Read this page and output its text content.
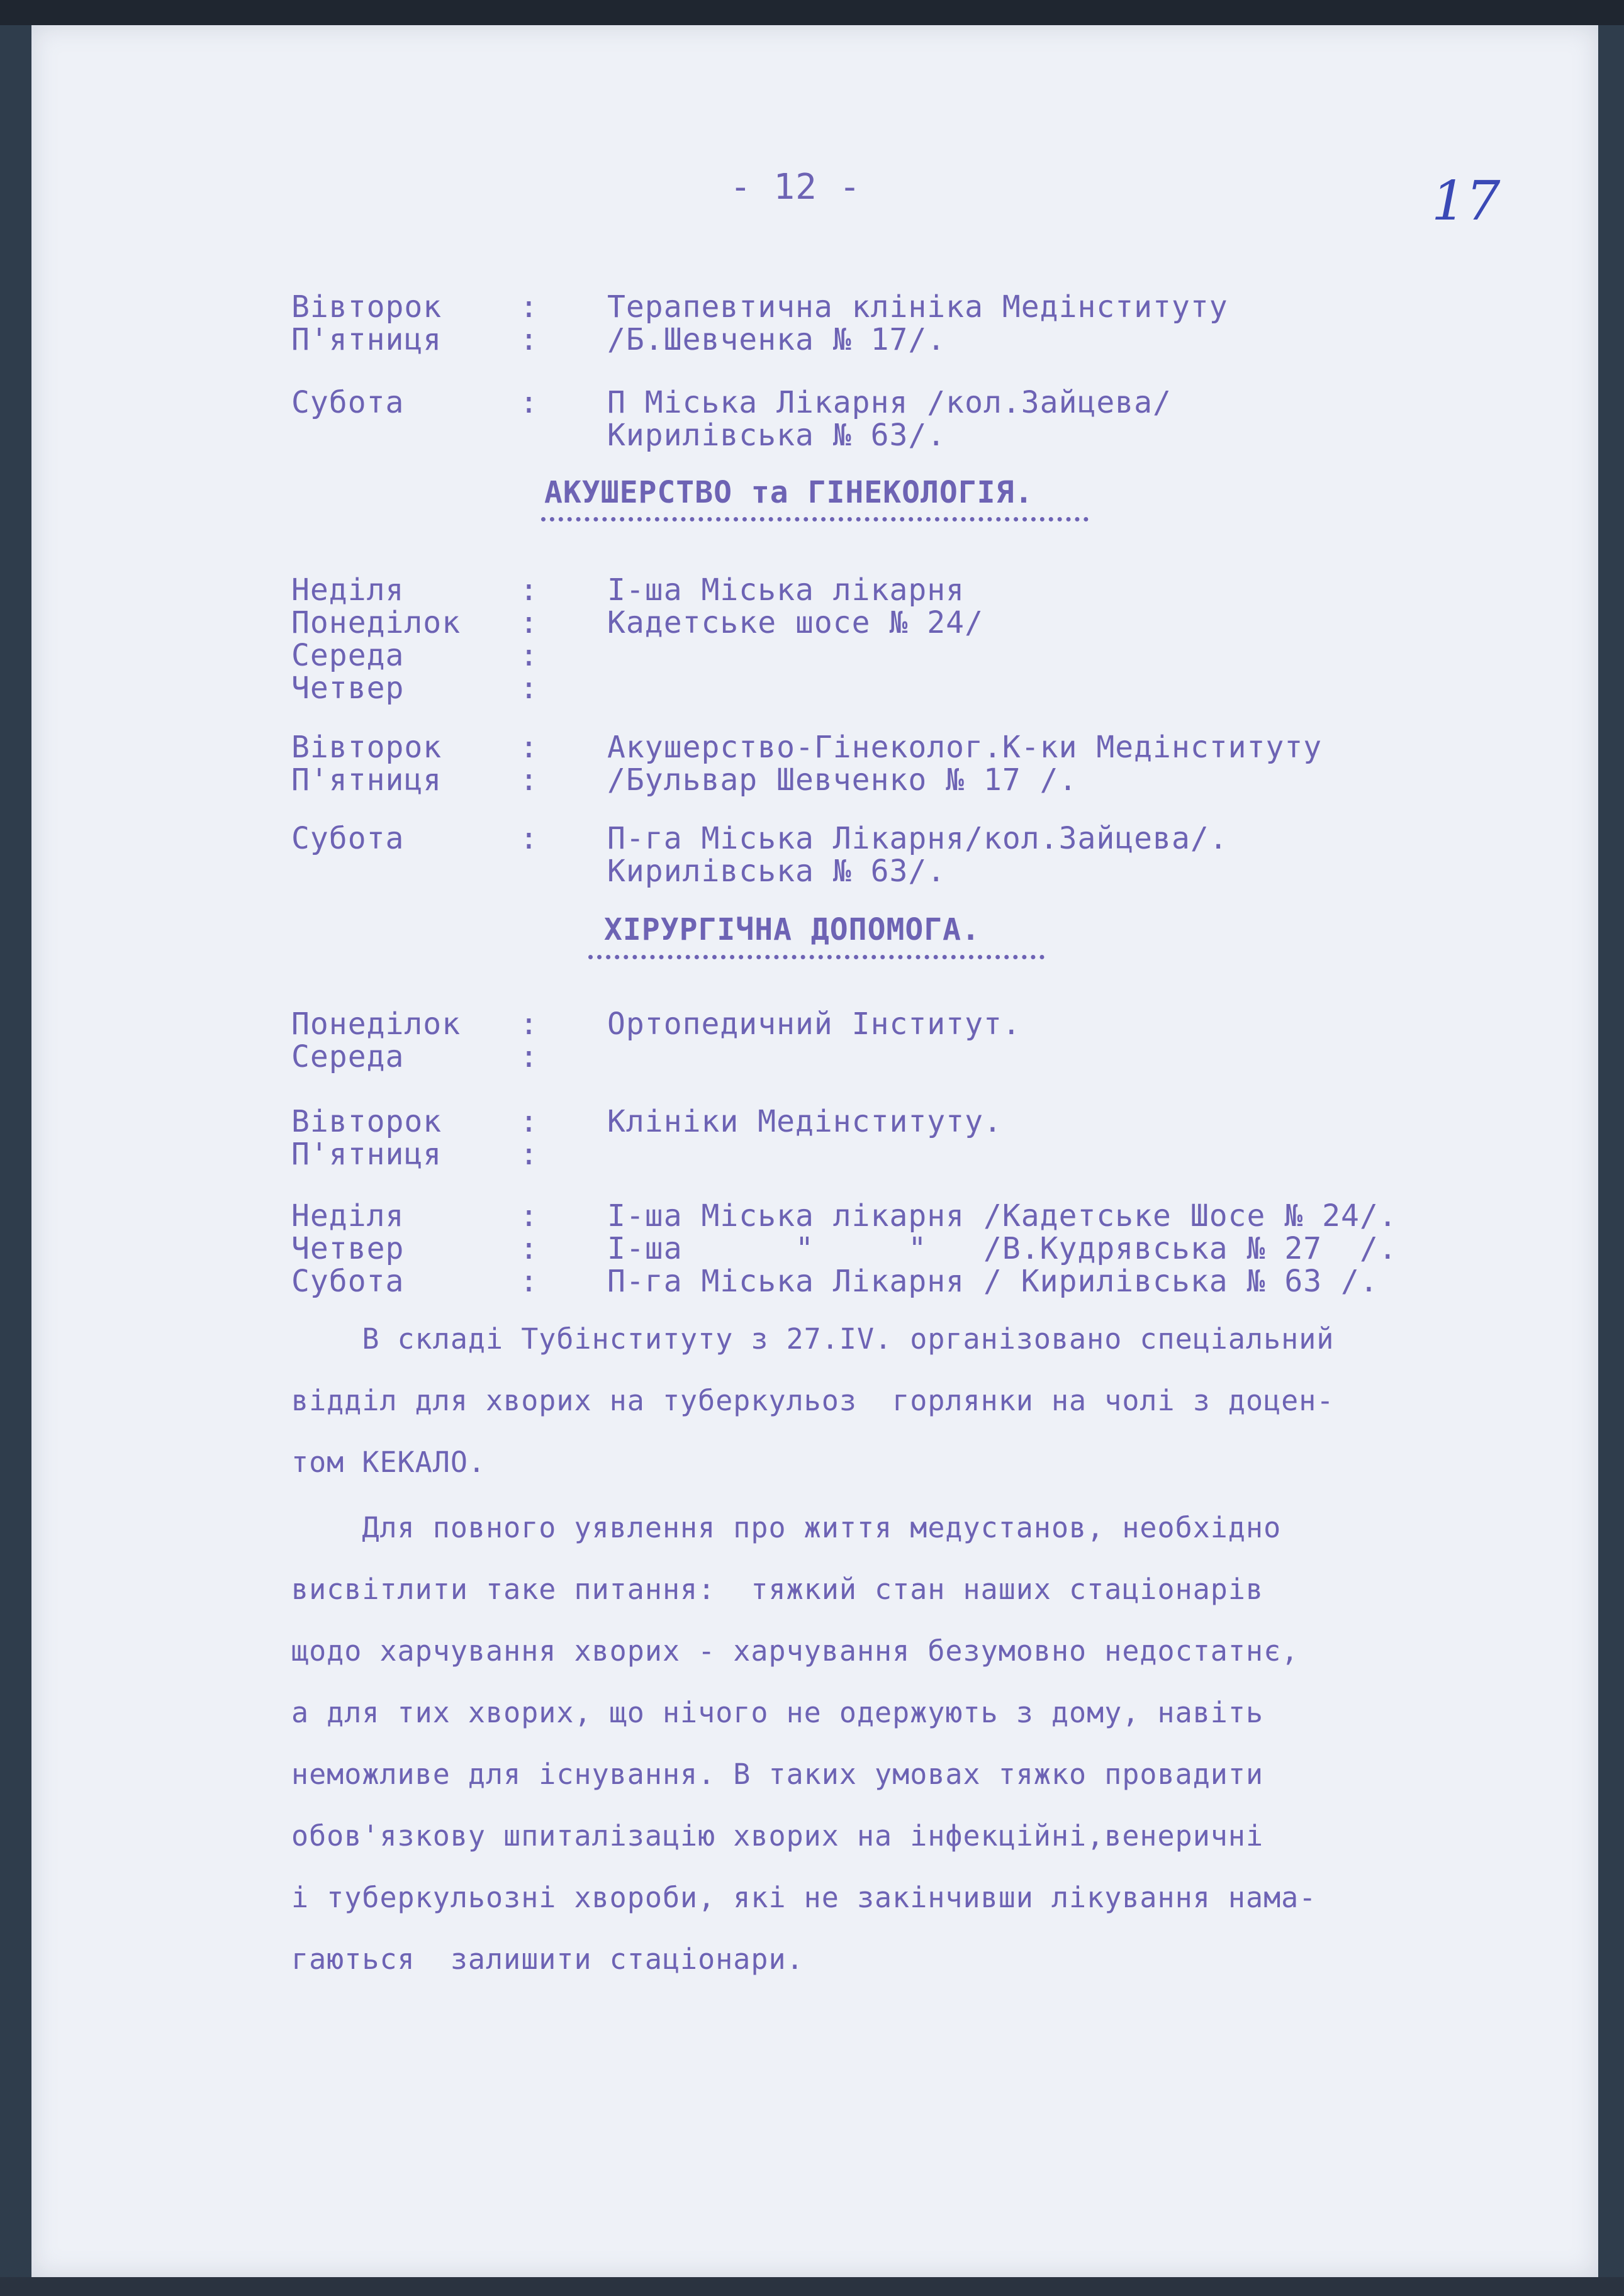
- 12 -	17
Вівторок	: Терапевтична клініка Медінституту
П'ятниця	: /Б.Шевченка № 17/.
Субота	: П Міська Лікарня /кол.Зайцева/
Кирилівська № 63/.
АКУШЕРСТВО та ГІНЕКОЛОГІЯ.
Неділя	: І-ша Міська лікарня
Понеділок : Кадетське шосе № 24/
Середа	:
Четвер	:
Вівторок	: Акушерство-Гінеколог.К-ки Медінституту
П'ятниця	: /Бульвар Шевченко № 17 /.
Субота	: П-га Міська Лікарня/кол.Зайцева/.
Кирилівська № 63/.
ХІРУРГІЧНА ДОПОМОГА.
Понеділок : Ортопедичний Інститут.
Середа	:
Вівторок	: Клініки Медінституту.
П'ятниця	:
Неділя	: І-ша Міська лікарня /Кадетське Шосе № 24/.
Четвер	: І-ша      "     "   /В.Кудрявська № 27  /.
Субота	: П-га Міська Лікарня / Кирилівська № 63 /.

В складі Тубінституту з 27.ІV. організовано спеціальний

відділ для хворих на туберкульоз  горлянки на чолі з доцен-

том КЕКАЛО.

Для повного уявлення про життя медустанов, необхідно

висвітлити таке питання:  тяжкий стан наших стаціонарів

щодо харчування хворих - харчування безумовно недостатнє,

а для тих хворих, що нічого не одержують з дому, навіть

неможливе для існування. В таких умовах тяжко провадити

обов'язкову шпиталізацію хворих на інфекційні,венеричні

і туберкульозні хвороби, які не закінчивши лікування нама-

гаються  залишити стаціонари.
